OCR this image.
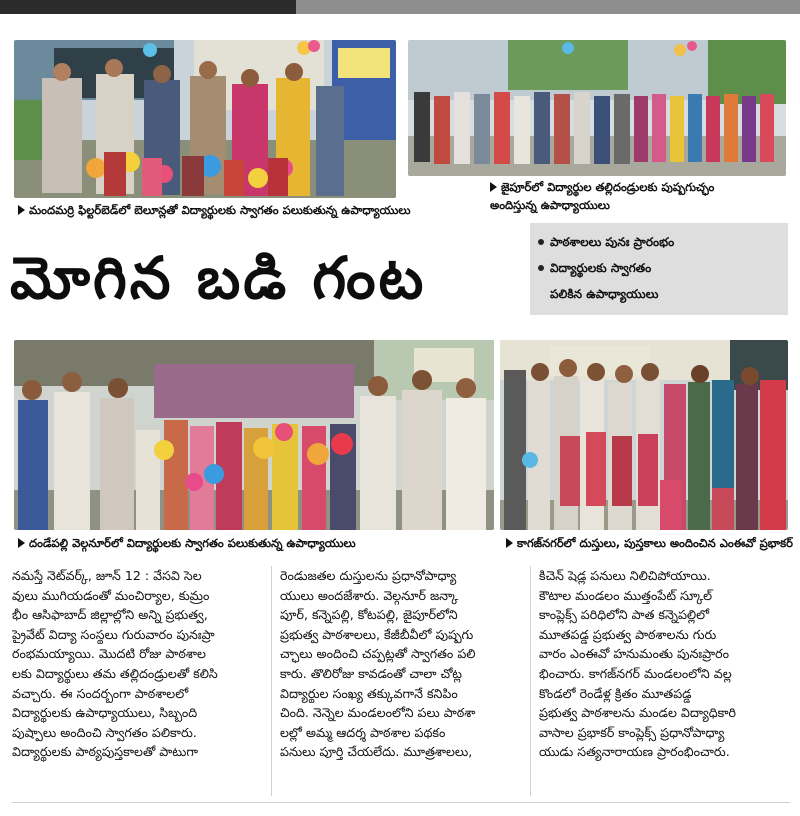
మందమర్రి ఫిల్టర్‌బెడ్‌లో బెలూన్లతో విద్యార్థులకు స్వాగతం పలుకుతున్న ఉపాధ్యాయులు
జైపూర్‌లో విద్యార్థుల తల్లిదండ్రులకు పుష్పగుచ్ఛం
అందిస్తున్న ఉపాధ్యాయులు
మోగిన బడి గంట
పాఠశాలలు పునః ప్రారంభం
విద్యార్థులకు స్వాగతం
పలికిన ఉపాధ్యాయులు
దండేపల్లి వెల్గనూర్‌లో విద్యార్థులకు స్వాగతం పలుకుతున్న ఉపాధ్యాయులు	కాగజ్‌నగర్‌లో దుస్తులు, పుస్తకాలు అందించిన ఎంఈవో ప్రభాకర్
నమస్తే నెట్‌వర్క్, జూన్ 12 : వేసవి సెల
వులు ముగియడంతో మంచిర్యాల, కుమ్రం
భీం ఆసిఫాబాద్ జిల్లాల్లోని అన్ని ప్రభుత్వ,
ప్రైవేట్ విద్యా సంస్థలు గురువారం పునఃప్రా
రంభమయ్యాయి. మొదటి రోజు పాఠశాల
లకు విద్యార్థులు తమ తల్లిదండ్రులతో కలిసి
వచ్చారు. ఈ సందర్భంగా పాఠశాలలో
విద్యార్థులకు ఉపాధ్యాయులు, సిబ్బంది
పుష్పాలు అందించి స్వాగతం పలికారు.
విద్యార్థులకు పాఠ్యపుస్తకాలతో పాటుగా
రెండుజతల దుస్తులను ప్రధానోపాధ్యా
యులు అందజేశారు. వెల్గనూర్ జన్కా
పూర్, కన్నెపల్లి, కోటపల్లి, జైపూర్‌లోని
ప్రభుత్వ పాఠశాలలు, కేజీబీవీలో పుష్పగు
చ్ఛాలు అందించి చప్పట్లతో స్వాగతం పలి
కారు. తొలిరోజు కావడంతో చాలా చోట్ల
విద్యార్థుల సంఖ్య తక్కువగానే కనిపిం
చింది. నెన్నెల మండలంలోని పలు పాఠశా
లల్లో అమ్మ ఆదర్శ పాఠశాల పథకం
పనులు పూర్తి చేయలేదు. మూత్రశాలలు,
కిచెన్ షెడ్ల పనులు నిలిచిపోయాయి.
కౌటాల మండలం ముత్తంపేట్ స్కూల్
కాంప్లెక్స్ పరిధిలోని పాత కన్నెపల్లిలో
మూతపడ్డ ప్రభుత్వ పాఠశాలను గురు
వారం ఎంఈవో హనుమంతు పునఃప్రారం
భించారు. కాగజ్‌నగర్ మండలంలోని వల్ల
కొండలో రెండేళ్ల క్రితం మూతపడ్డ
ప్రభుత్వ పాఠశాలను మండల విద్యాధికారి
వాసాల ప్రభాకర్ కాంప్లెక్స్ ప్రధానోపాధ్యా
యుడు సత్యనారాయణ ప్రారంభించారు.
